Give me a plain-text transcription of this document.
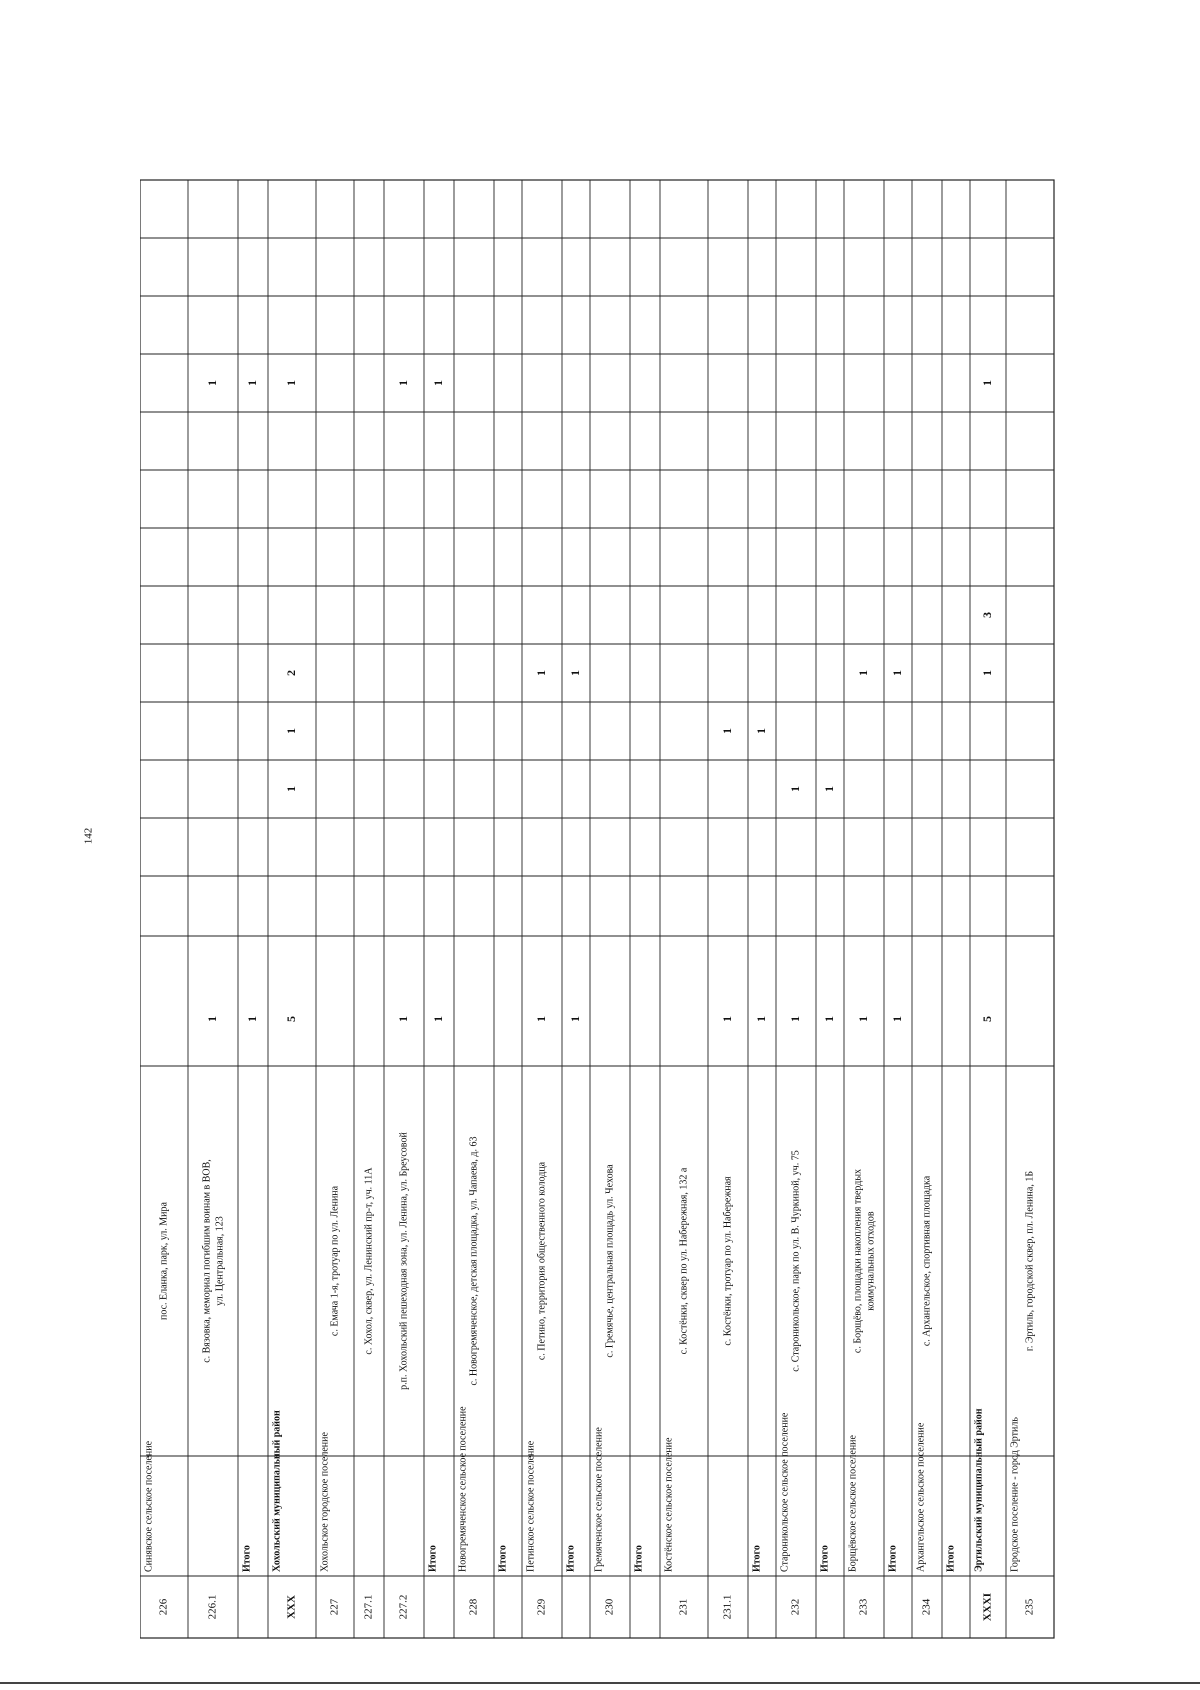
142
226
Синявское сельское поселение
пос. Еланка, парк, ул. Мира
226.1
с. Вязовка, мемориал погибшим воинам в ВОВ, ул. Центральная, 123
1
1
Итого
1
1
XXX
Хохольский муниципальный район
5
1
1
2
1
227
Хохольское городское поселение
с. Емача 1-я, тротуар по ул. Ленина
227.1
с. Хохол, сквер, ул. Ленинский пр-т, уч. 11А
227.2
р.п. Хохольский пешеходная зона, ул. Ленина, ул. Бреусовой
1
1
Итого
1
1
228
Новогремяченское сельское поселение
с. Новогремяченское, детская площадка, ул. Чапаева, д. 63
Итого
229
Петинское сельское поселение
с. Петино, территория общественного колодца
1
1
Итого
1
1
230
Гремяченское сельское поселение
с. Гремячье, центральная площадь ул. Чехова
Итого
231
Костёнское сельское поселение
с. Костёнки, сквер по ул. Набережная, 132 а
231.1
с. Костёнки, тротуар по ул. Набережная
1
1
Итого
1
1
232
Староникольское сельское поселение
с. Староникольское, парк по ул. В. Чуркиной, уч. 75
1
1
Итого
1
1
233
Борщёвское сельское поселение
с. Борщёво, площадки накопления твердых коммунальных отходов
1
1
Итого
1
1
234
Архангельское сельское поселение
с. Архангельское, спортивная площадка
Итого
XXXI
Эртильский муниципальный район
5
1
3
1
235
Городское поселение - город Эртиль
г. Эртиль, городской сквер, пл. Ленина, 1Б
